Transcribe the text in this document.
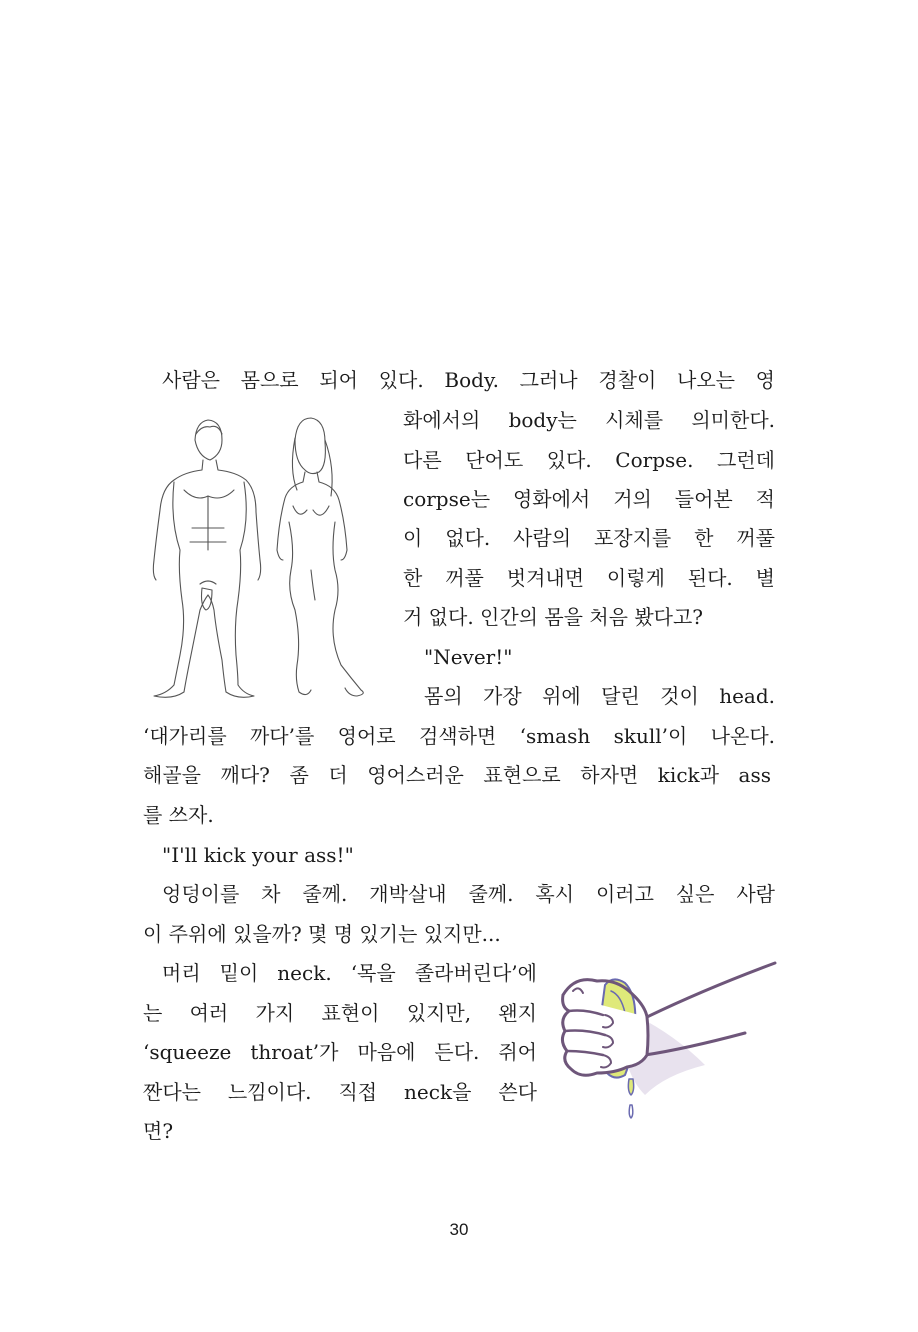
사람은 몸으로 되어 있다. Body. 그러나 경찰이 나오는 영
화에서의 body는 시체를 의미한다.
다른 단어도 있다. Corpse. 그런데
corpse는 영화에서 거의 들어본 적
이 없다. 사람의 포장지를 한 꺼풀
한 꺼풀 벗겨내면 이렇게 된다. 별
거 없다. 인간의 몸을 처음 봤다고?
"Never!"
몸의 가장 위에 달린 것이 head.
‘대가리를 까다’를 영어로 검색하면 ‘smash skull’이 나온다.
해골을 깨다? 좀 더 영어스러운 표현으로 하자면 kick과 ass
를 쓰자.
"I'll kick your ass!"
엉덩이를 차 줄께. 개박살내 줄께. 혹시 이러고 싶은 사람
이 주위에 있을까? 몇 명 있기는 있지만...
머리 밑이 neck. ‘목을 졸라버린다’에
는 여러 가지 표현이 있지만, 왠지
‘squeeze throat’가 마음에 든다. 쥐어
짠다는 느낌이다. 직접 neck을 쓴다
면?
30
